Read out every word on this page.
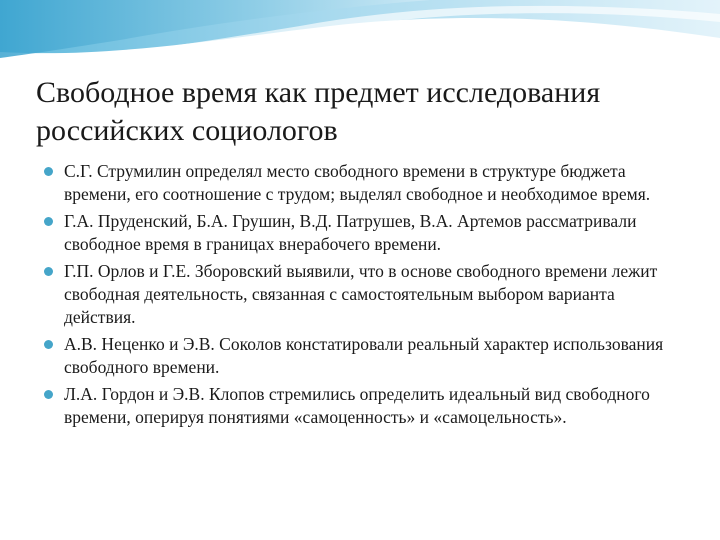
Свободное время как предмет исследования российских социологов
С.Г. Струмилин определял место свободного времени в структуре бюджета времени, его соотношение с трудом; выделял свободное и необходимое время.
Г.А. Пруденский, Б.А. Грушин, В.Д. Патрушев, В.А. Артемов рассматривали свободное время в границах внерабочего времени.
Г.П. Орлов и Г.Е. Зборовский выявили, что в основе свободного времени лежит свободная деятельность, связанная с самостоятельным выбором варианта действия.
А.В. Неценко и Э.В. Соколов констатировали реальный характер использования свободного времени.
Л.А. Гордон и Э.В. Клопов стремились определить идеальный вид свободного времени, оперируя понятиями «самоценность» и «самоцельность».
